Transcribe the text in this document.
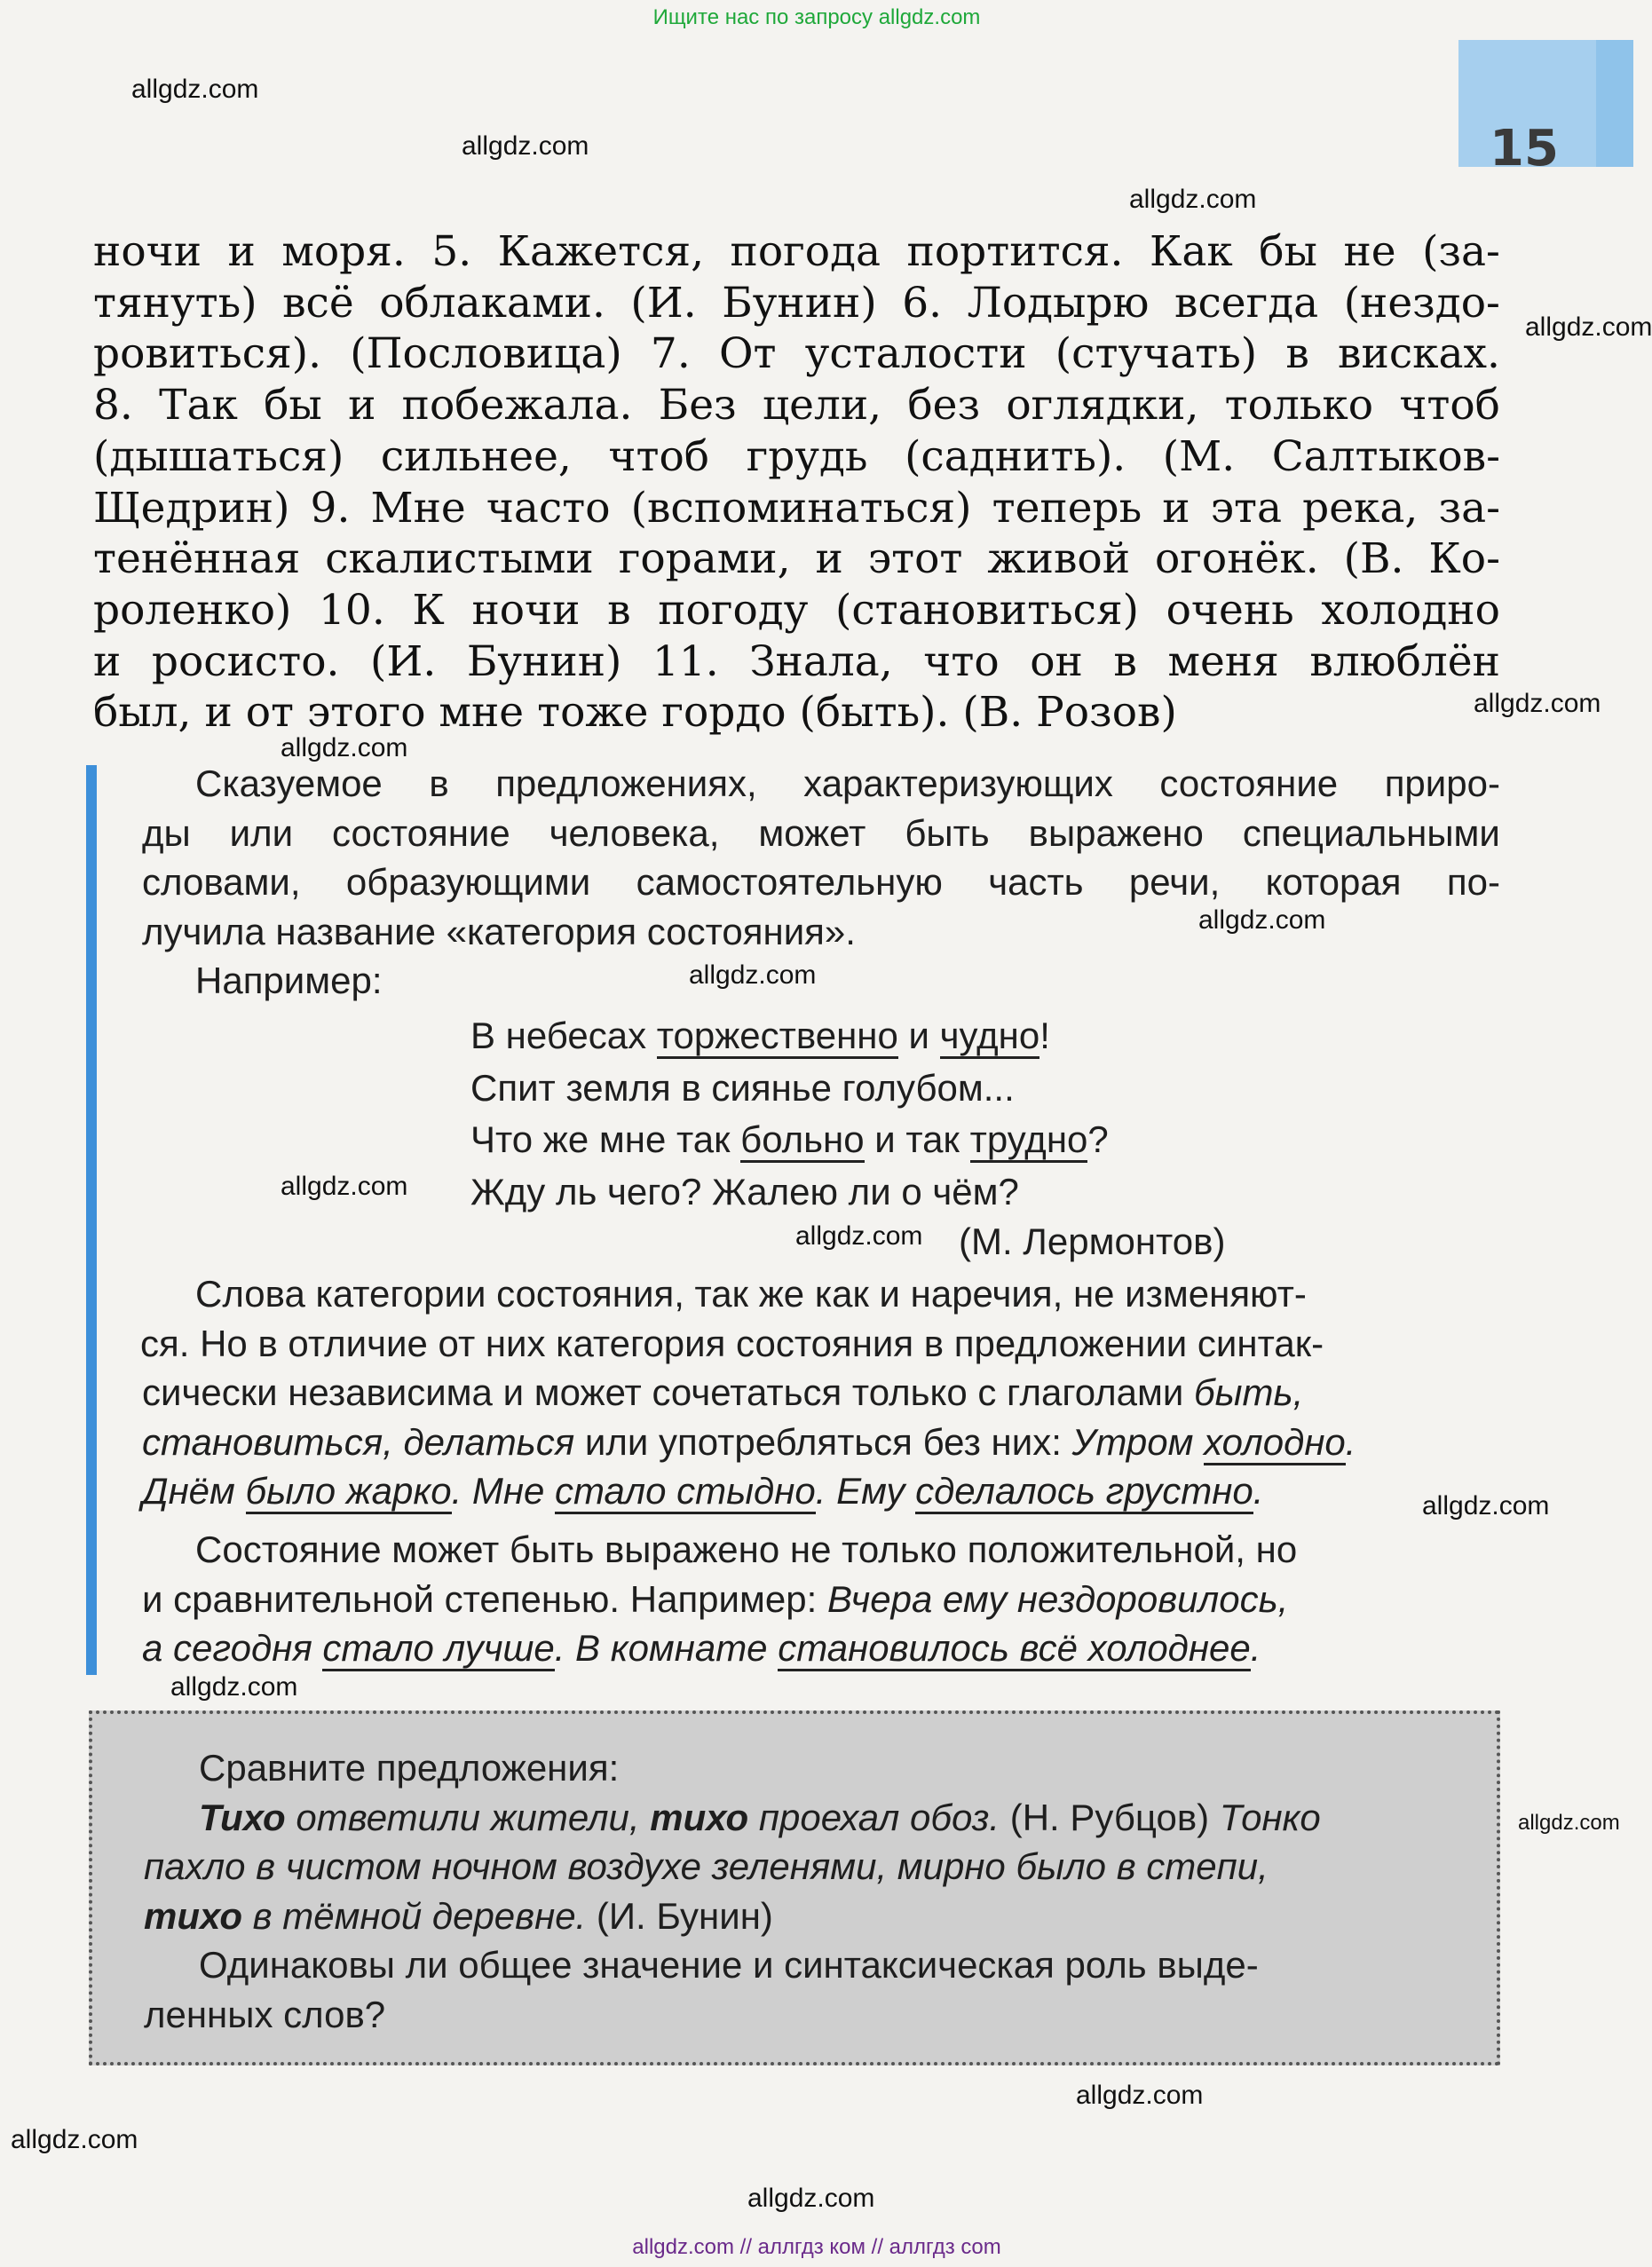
Ищите нас по запросу allgdz.com
15
allgdz.com
allgdz.com
allgdz.com
allgdz.com
allgdz.com
allgdz.com
allgdz.com
allgdz.com
allgdz.com
allgdz.com
allgdz.com
allgdz.com
allgdz.com
allgdz.com
allgdz.com
allgdz.com
ночи и моря. 5. Кажется, погода портится. Как бы не (за-
тянуть) всё облаками. (И. Бунин) 6. Лодырю всегда (нездо-
ровиться). (Пословица) 7. От усталости (стучать) в висках.
8. Так бы и побежала. Без цели, без оглядки, только чтоб
(дышаться) сильнее, чтоб грудь (саднить). (М. Салтыков-
Щедрин) 9. Мне часто (вспоминаться) теперь и эта река, за-
тенённая скалистыми горами, и этот живой огонёк. (В. Ко-
роленко) 10. К ночи в погоду (становиться) очень холодно
и росисто. (И. Бунин) 11. Знала, что он в меня влюблён
был, и от этого мне тоже гордо (быть). (В. Розов)
Сказуемое в предложениях, характеризующих состояние приро-
ды или состояние человека, может быть выражено специальными
словами, образующими самостоятельную часть речи, которая по-
лучила название «категория состояния».
Например:
В небесах торжественно и чудно!
Спит земля в сиянье голубом...
Что же мне так больно и так трудно?
Жду ль чего? Жалею ли о чём?
(М. Лермонтов)
Слова категории состояния, так же как и наречия, не изменяют-
ся. Но в отличие от них категория состояния в предложении синтак-
сически независима и может сочетаться только с глаголами быть,
становиться, делаться или употребляться без них: Утром холодно.
Днём было жарко. Мне стало стыдно. Ему сделалось грустно.
Состояние может быть выражено не только положительной, но
и сравнительной степенью. Например: Вчера ему нездоровилось,
а сегодня стало лучше. В комнате становилось всё холоднее.
Сравните предложения:
Тихо ответили жители, тихо проехал обоз. (Н. Рубцов) Тонко
пахло в чистом ночном воздухе зеленями, мирно было в степи,
тихо в тёмной деревне. (И. Бунин)
Одинаковы ли общее значение и синтаксическая роль выде-
ленных слов?
allgdz.com // аллгдз ком // аллгдз com
